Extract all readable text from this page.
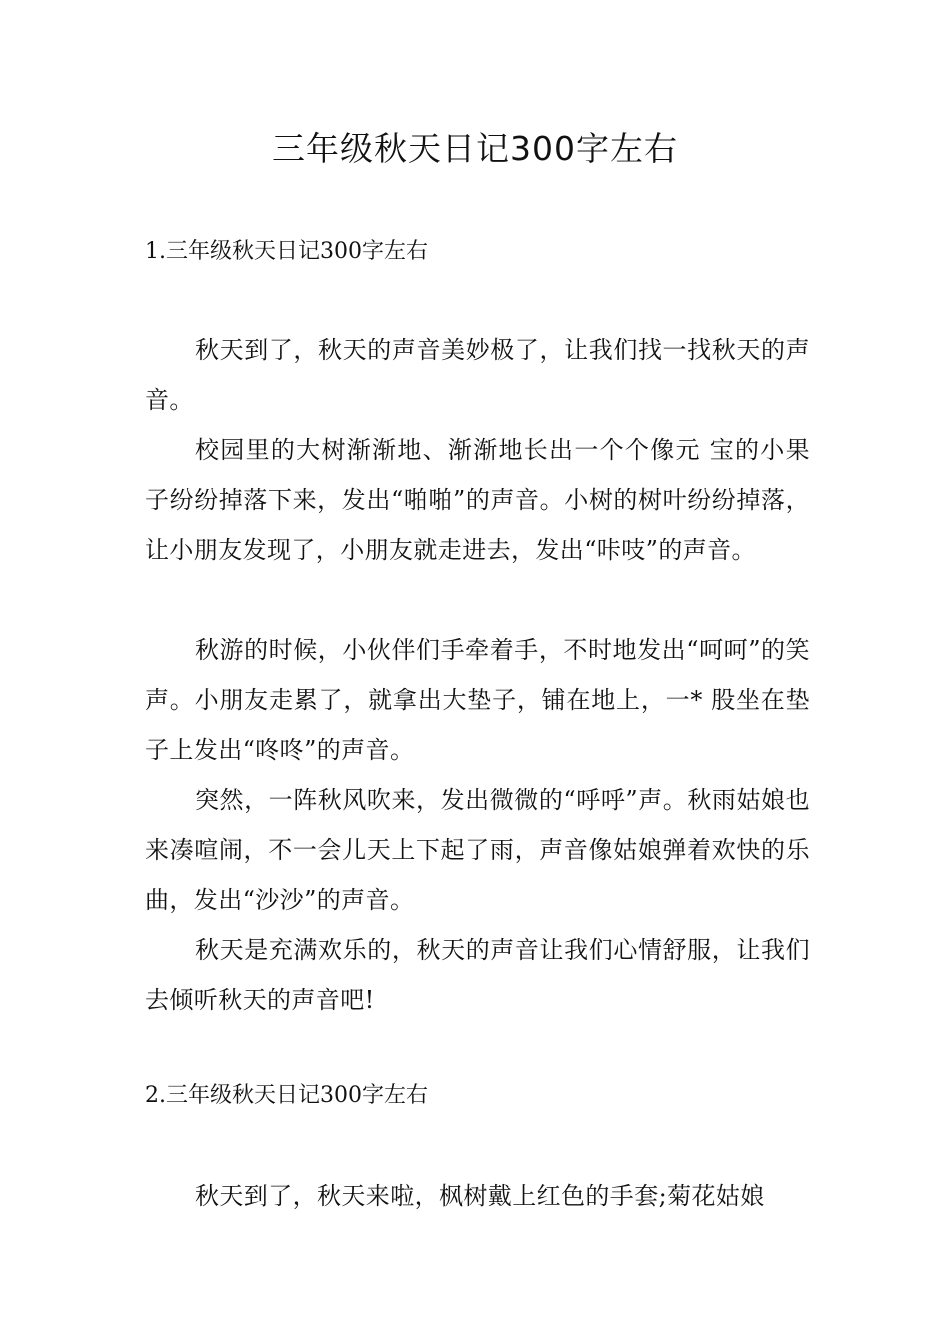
三年级秋天日记300字左右
1.三年级秋天日记300字左右

秋天到了，秋天的声音美妙极了，让我们找一找秋天的声音。

校园里的大树渐渐地、渐渐地长出一个个像元 宝的小果子纷纷掉落下来，发出“啪啪”的声音。小树的树叶纷纷掉落，让小朋友发现了，小朋友就走进去，发出“咔吱”的声音。

秋游的时候，小伙伴们手牵着手，不时地发出“呵呵”的笑声。小朋友走累了，就拿出大垫子，铺在地上，一* 股坐在垫子上发出“咚咚”的声音。

突然，一阵秋风吹来，发出微微的“呼呼”声。秋雨姑娘也来凑喧闹，不一会儿天上下起了雨，声音像姑娘弹着欢快的乐曲，发出“沙沙”的声音。

秋天是充满欢乐的，秋天的声音让我们心情舒服，让我们去倾听秋天的声音吧!

2.三年级秋天日记300字左右

秋天到了，秋天来啦，枫树戴上红色的手套;菊花姑娘
